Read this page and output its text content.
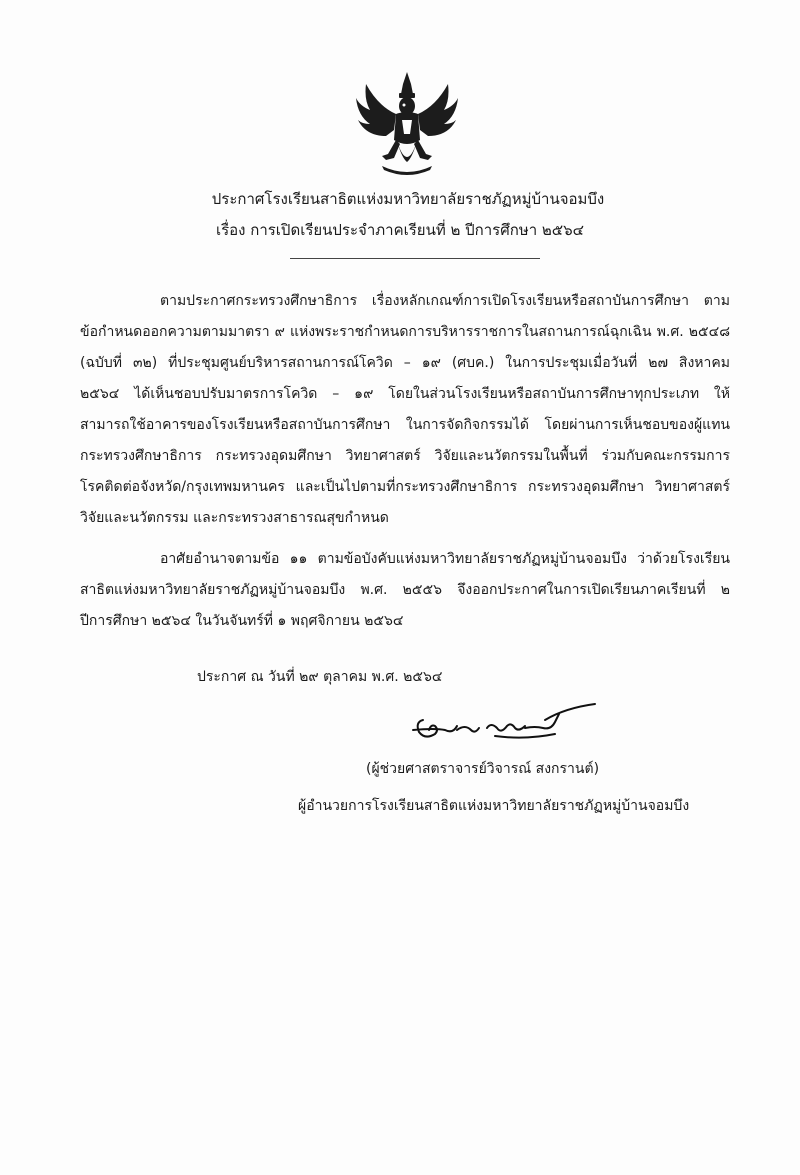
ประกาศโรงเรียนสาธิตแห่งมหาวิทยาลัยราชภัฏหมู่บ้านจอมบึง
เรื่อง การเปิดเรียนประจำภาคเรียนที่ ๒ ปีการศึกษา ๒๕๖๔
ตามประกาศกระทรวงศึกษาธิการ เรื่องหลักเกณฑ์การเปิดโรงเรียนหรือสถาบันการศึกษา ตาม
ข้อกำหนดออกความตามมาตรา ๙ แห่งพระราชกำหนดการบริหารราชการในสถานการณ์ฉุกเฉิน พ.ศ. ๒๕๔๘
(ฉบับที่ ๓๒) ที่ประชุมศูนย์บริหารสถานการณ์โควิด – ๑๙ (ศบค.) ในการประชุมเมื่อวันที่ ๒๗ สิงหาคม
๒๕๖๔ ได้เห็นชอบปรับมาตรการโควิด – ๑๙ โดยในส่วนโรงเรียนหรือสถาบันการศึกษาทุกประเภท ให้
สามารถใช้อาคารของโรงเรียนหรือสถาบันการศึกษา ในการจัดกิจกรรมได้ โดยผ่านการเห็นชอบของผู้แทน
กระทรวงศึกษาธิการ กระทรวงอุดมศึกษา วิทยาศาสตร์ วิจัยและนวัตกรรมในพื้นที่ ร่วมกับคณะกรรมการ
โรคติดต่อจังหวัด/กรุงเทพมหานคร และเป็นไปตามที่กระทรวงศึกษาธิการ กระทรวงอุดมศึกษา วิทยาศาสตร์
วิจัยและนวัตกรรม และกระทรวงสาธารณสุขกำหนด
อาศัยอำนาจตามข้อ ๑๑ ตามข้อบังคับแห่งมหาวิทยาลัยราชภัฏหมู่บ้านจอมบึง ว่าด้วยโรงเรียน
สาธิตแห่งมหาวิทยาลัยราชภัฏหมู่บ้านจอมบึง พ.ศ. ๒๕๕๖ จึงออกประกาศในการเปิดเรียนภาคเรียนที่ ๒
ปีการศึกษา ๒๕๖๔ ในวันจันทร์ที่ ๑ พฤศจิกายน ๒๕๖๔
ประกาศ ณ วันที่ ๒๙ ตุลาคม พ.ศ. ๒๕๖๔
(ผู้ช่วยศาสตราจารย์วิจารณ์ สงกรานต์)
ผู้อำนวยการโรงเรียนสาธิตแห่งมหาวิทยาลัยราชภัฏหมู่บ้านจอมบึง
